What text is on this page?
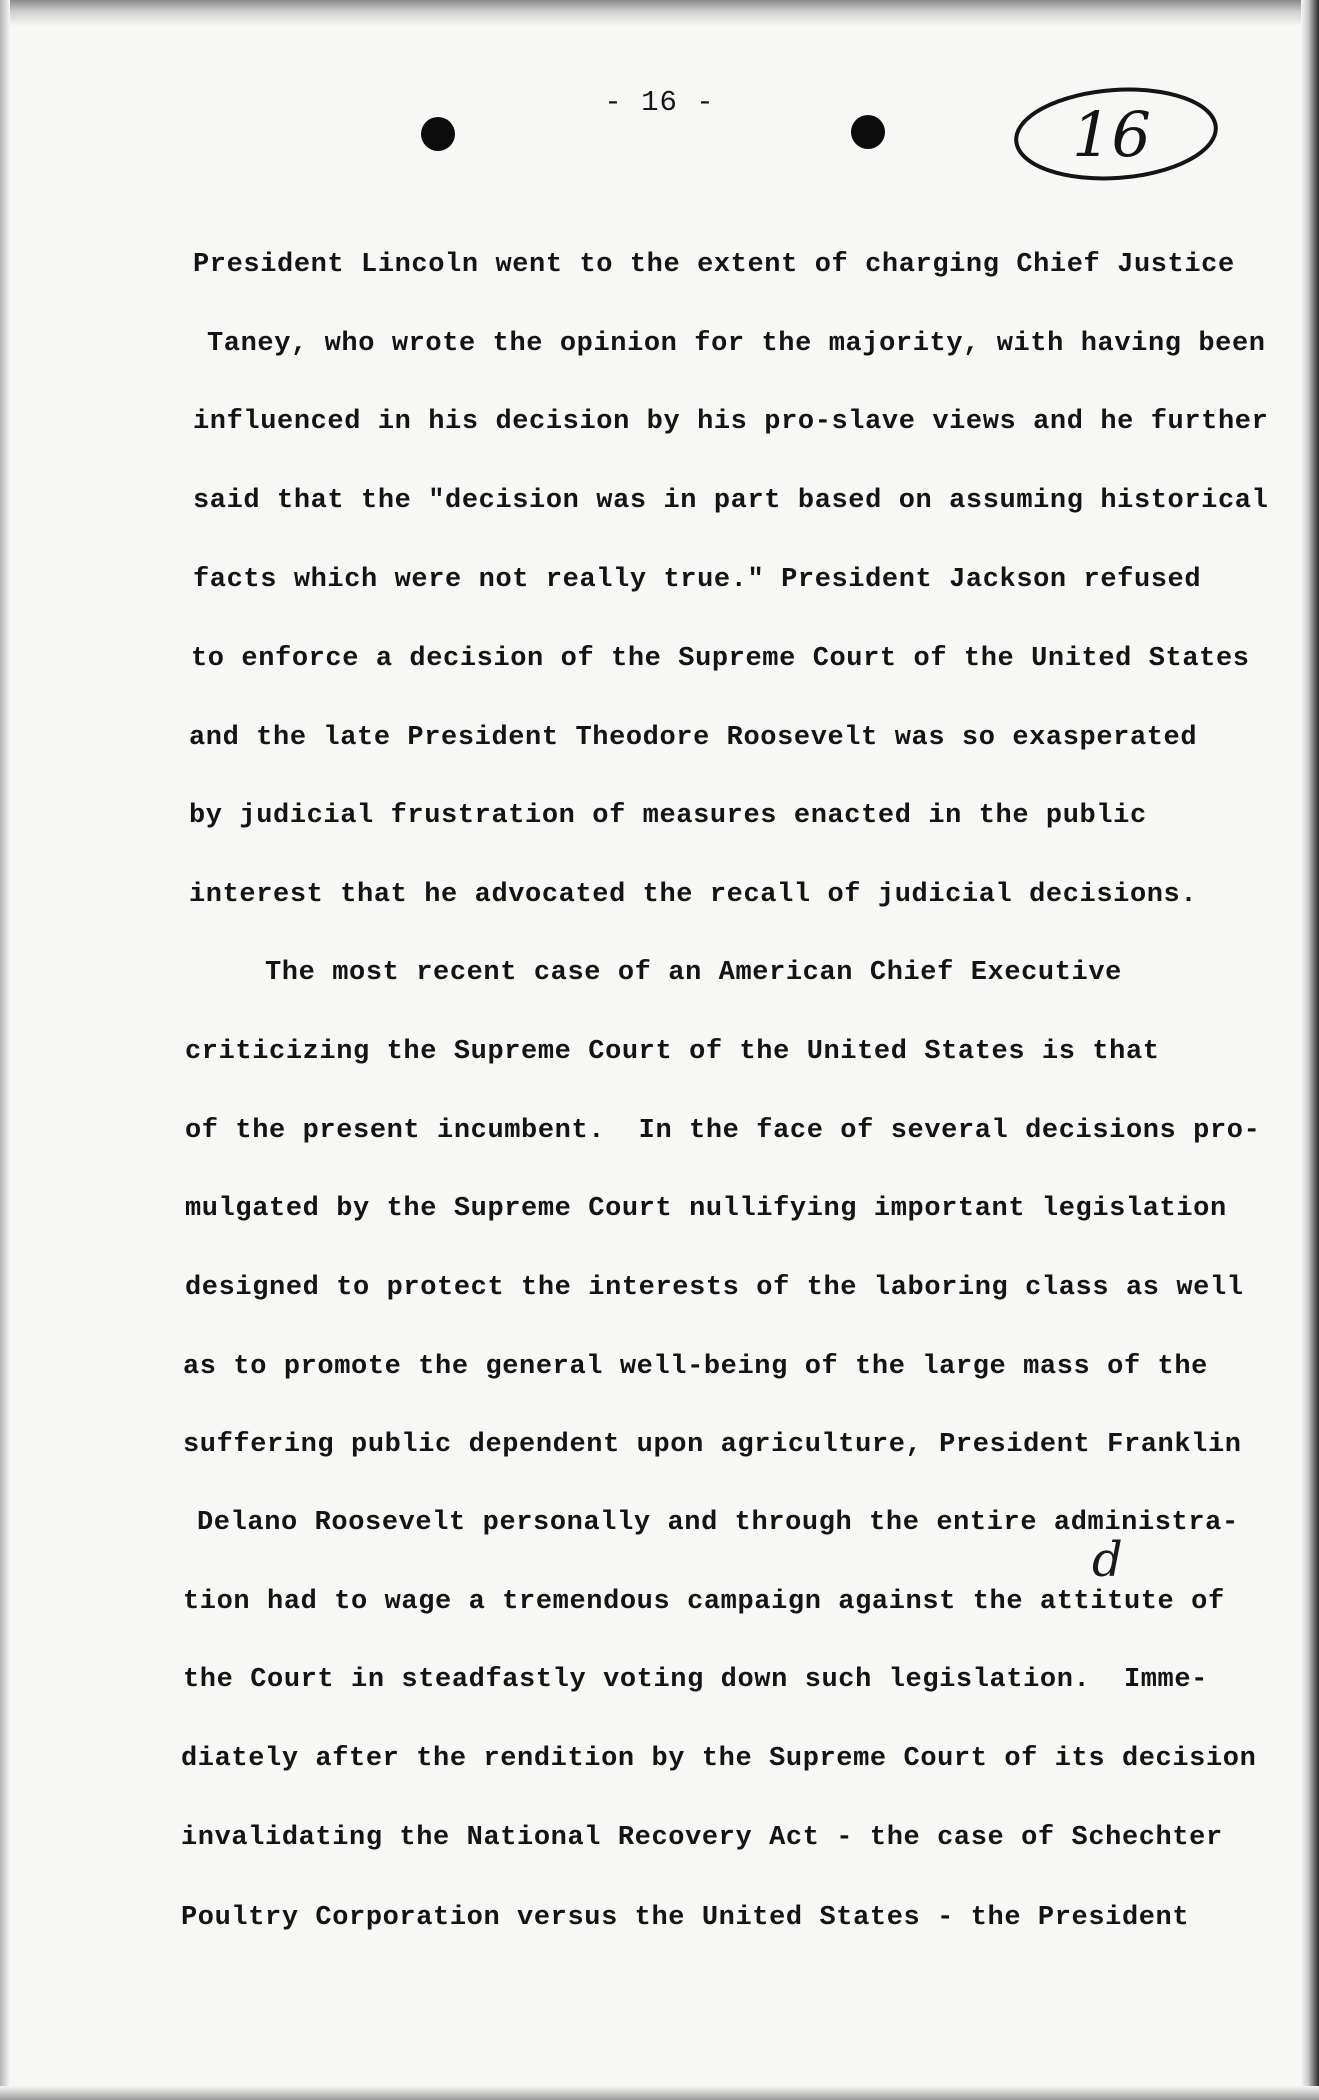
- 16 -	16

President Lincoln went to the extent of charging Chief Justice

Taney, who wrote the opinion for the majority, with having been

influenced in his decision by his pro-slave views and he further

said that the "decision was in part based on assuming historical

facts which were not really true." President Jackson refused

to enforce a decision of the Supreme Court of the United States

and the late President Theodore Roosevelt was so exasperated

by judicial frustration of measures enacted in the public

interest that he advocated the recall of judicial decisions.

The most recent case of an American Chief Executive

criticizing the Supreme Court of the United States is that

of the present incumbent.  In the face of several decisions pro-

mulgated by the Supreme Court nullifying important legislation

designed to protect the interests of the laboring class as well

as to promote the general well-being of the large mass of the

suffering public dependent upon agriculture, President Franklin

Delano Roosevelt personally and through the entire administra-

tion had to wage a tremendous campaign against the attitute of

the Court in steadfastly voting down such legislation.  Imme-

diately after the rendition by the Supreme Court of its decision

invalidating the National Recovery Act - the case of Schechter

Poultry Corporation versus the United States - the President

d
